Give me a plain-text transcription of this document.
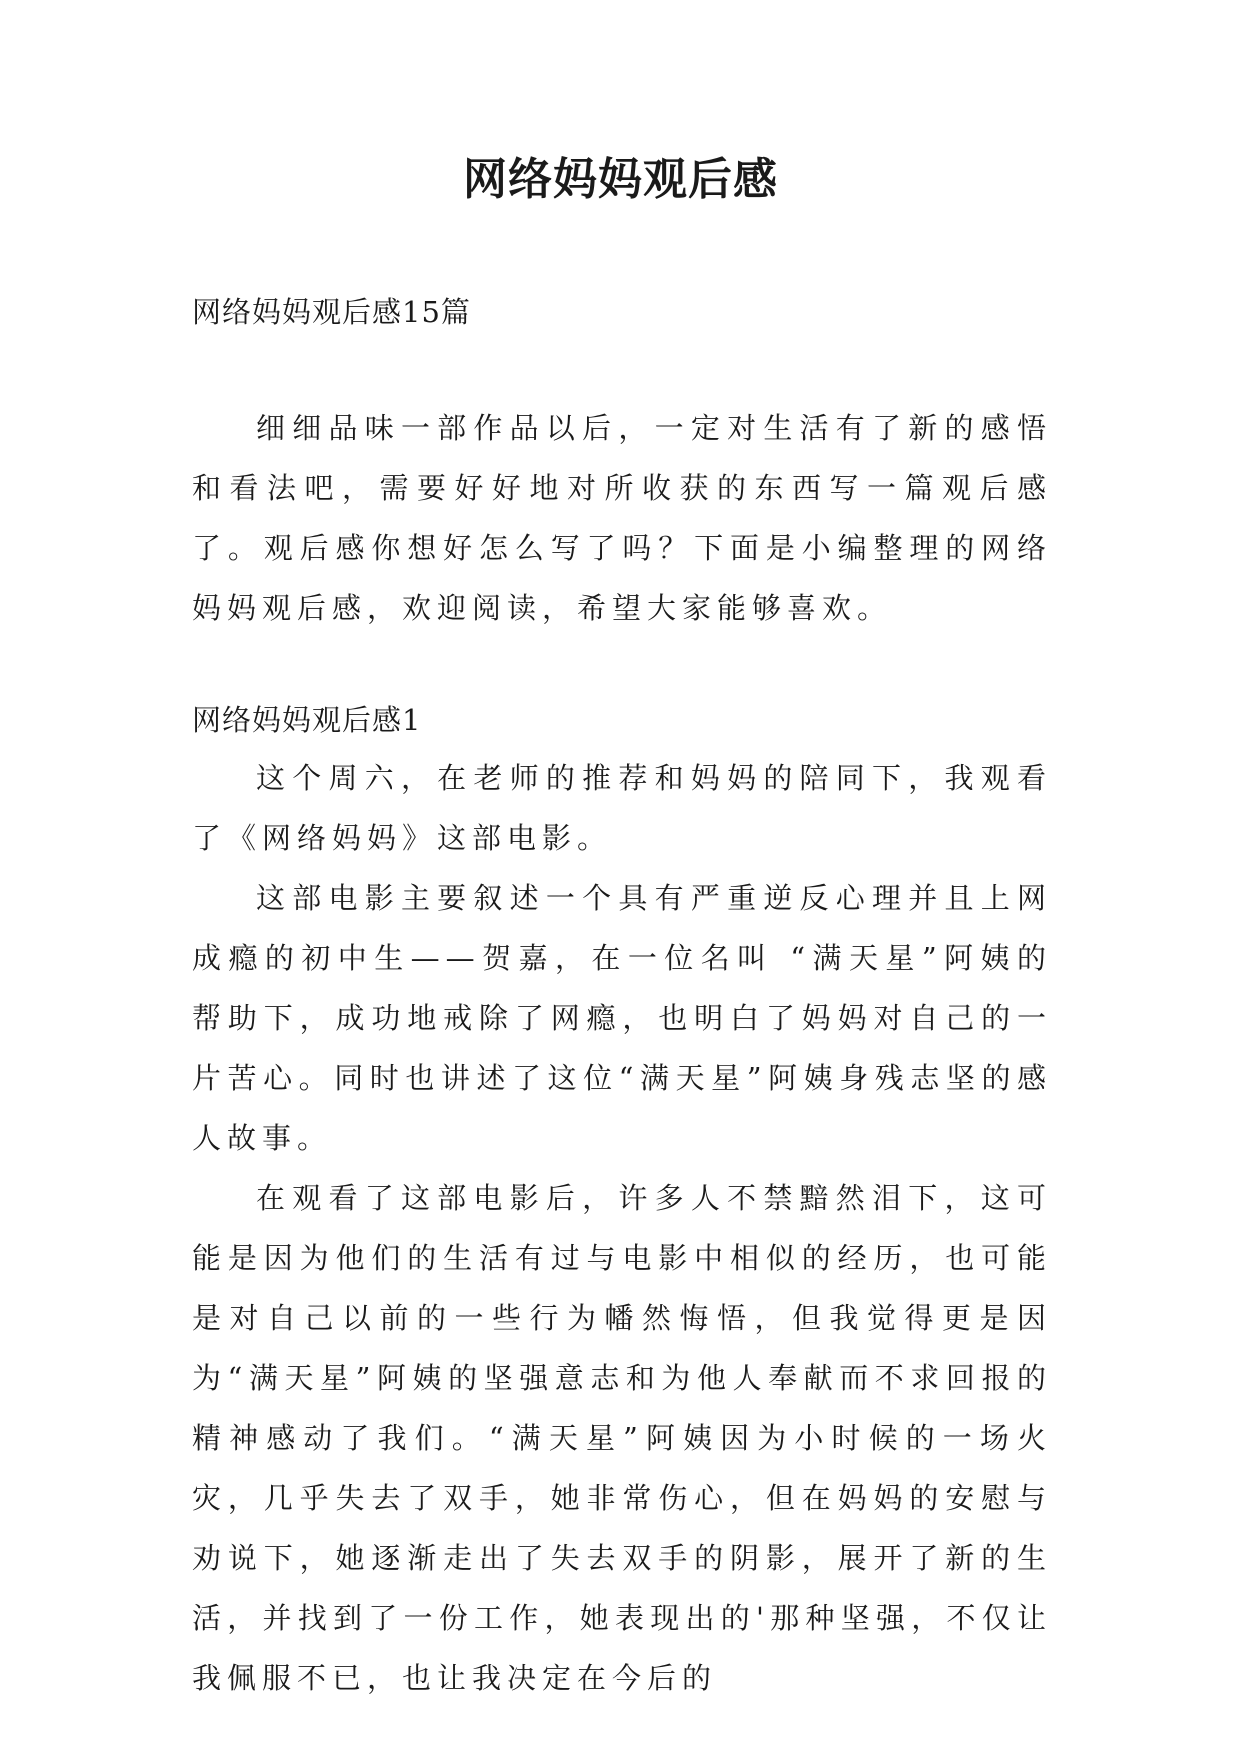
网络妈妈观后感
网络妈妈观后感15篇

细细品味一部作品以后，一定对生活有了新的感悟和看法吧，需要好好地对所收获的东西写一篇观后感了。观后感你想好怎么写了吗？下面是小编整理的网络妈妈观后感，欢迎阅读，希望大家能够喜欢。

网络妈妈观后感1

这个周六，在老师的推荐和妈妈的陪同下，我观看了《网络妈妈》这部电影。

这部电影主要叙述一个具有严重逆反心理并且上网成瘾的初中生——贺嘉，在一位名叫 “满天星”阿姨的帮助下，成功地戒除了网瘾，也明白了妈妈对自己的一片苦心。同时也讲述了这位“满天星”阿姨身残志坚的感人故事。

在观看了这部电影后，许多人不禁黯然泪下，这可能是因为他们的生活有过与电影中相似的经历，也可能是对自己以前的一些行为幡然悔悟，但我觉得更是因为“满天星”阿姨的坚强意志和为他人奉献而不求回报的精神感动了我们。“满天星”阿姨因为小时候的一场火灾，几乎失去了双手，她非常伤心，但在妈妈的安慰与劝说下，她逐渐走出了失去双手的阴影，展开了新的生活，并找到了一份工作，她表现出的'那种坚强，不仅让我佩服不已，也让我决定在今后的
